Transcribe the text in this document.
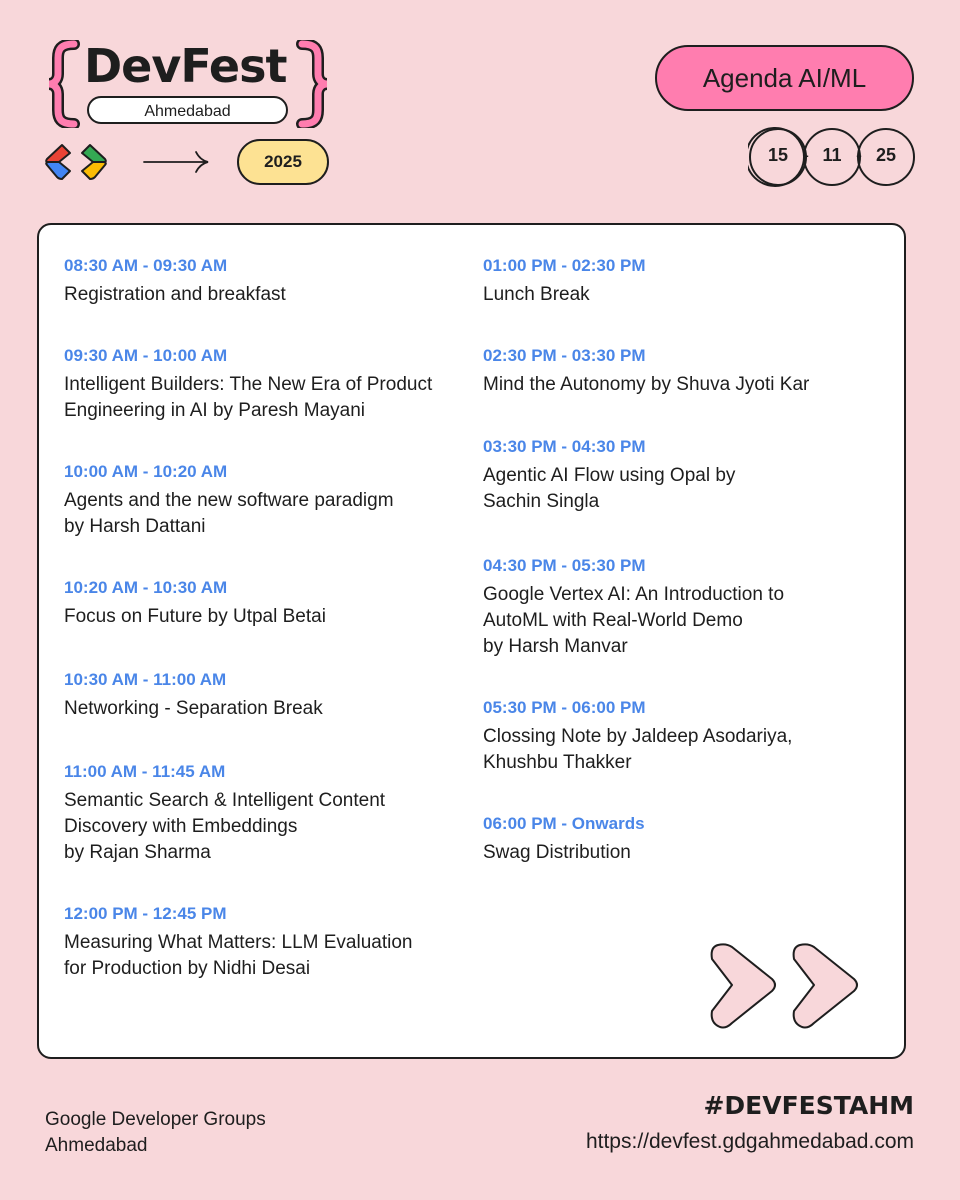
DevFest
Ahmedabad
2025
Agenda AI/ML
15 - 11 - 25
08:30 AM - 09:30 AM
Registration and breakfast
09:30 AM - 10:00 AM
Intelligent Builders: The New Era of Product
Engineering in AI by Paresh Mayani
10:00 AM - 10:20 AM
Agents and the new software paradigm
by Harsh Dattani
10:20 AM - 10:30 AM
Focus on Future by Utpal Betai
10:30 AM - 11:00 AM
Networking - Separation Break
11:00 AM - 11:45 AM
Semantic Search & Intelligent Content
Discovery with Embeddings
by Rajan Sharma
12:00 PM - 12:45 PM
Measuring What Matters: LLM Evaluation
for Production by Nidhi Desai
01:00 PM - 02:30 PM
Lunch Break
02:30 PM - 03:30 PM
Mind the Autonomy by Shuva Jyoti Kar
03:30 PM - 04:30 PM
Agentic AI Flow using Opal by
Sachin Singla
04:30 PM - 05:30 PM
Google Vertex AI: An Introduction to
AutoML with Real-World Demo
by Harsh Manvar
05:30 PM - 06:00 PM
Clossing Note by Jaldeep Asodariya,
Khushbu Thakker
06:00 PM - Onwards
Swag Distribution
Google Developer Groups
Ahmedabad
#DEVFESTAHM
https://devfest.gdgahmedabad.com
